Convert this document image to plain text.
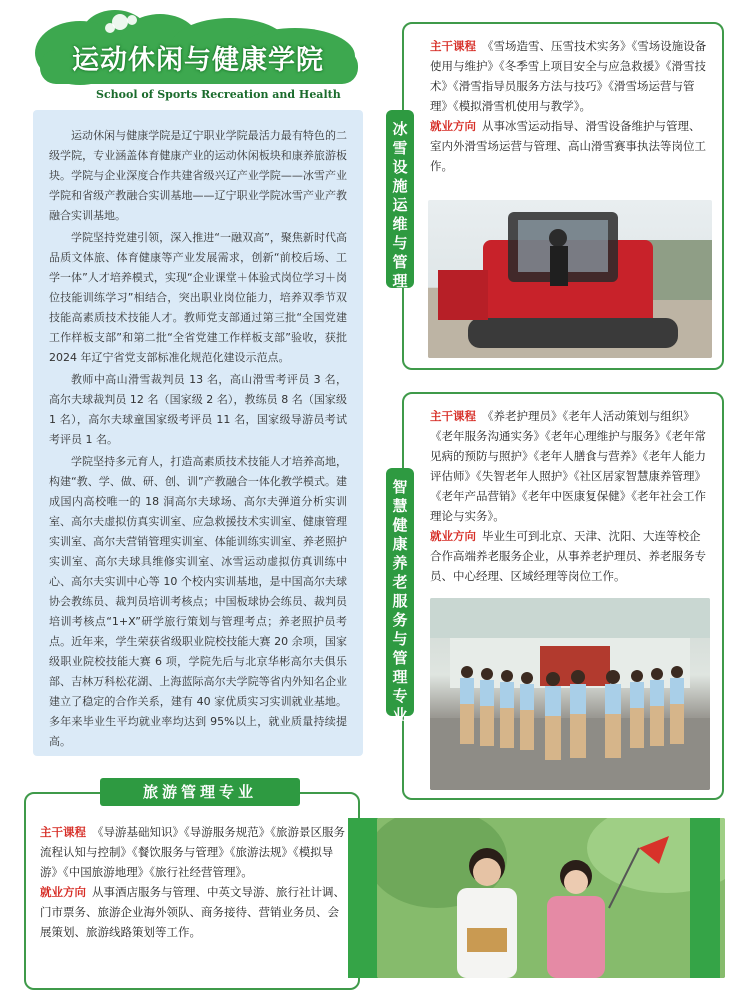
运动休闲与健康学院
School of Sports Recreation and Health

运动休闲与健康学院是辽宁职业学院最活力最有特色的二级学院，专业涵盖体育健康产业的运动休闲板块和康养旅游板块。学院与企业深度合作共建省级兴辽产业学院——冰雪产业学院和省级产教融合实训基地——辽宁职业学院冰雪产业产教融合实训基地。

学院坚持党建引领，深入推进“一融双高”，聚焦新时代高品质文体旅、体育健康等产业发展需求，创新“前校后场、工学一体”人才培养模式，实现“企业课堂＋体验式岗位学习＋岗位技能训练学习”相结合，突出职业岗位能力，培养双季节双技能高素质技术技能人才。教师党支部通过第三批“全国党建工作样板支部”和第二批“全省党建工作样板支部”验收，获批 2024 年辽宁省党支部标准化规范化建设示范点。

教师中高山滑雪裁判员 13 名，高山滑雪考评员 3 名，高尔夫球裁判员 12 名（国家级 2 名），教练员 8 名（国家级 1 名），高尔夫球童国家级考评员 11 名，国家级导游员考试考评员 1 名。

学院坚持多元育人，打造高素质技术技能人才培养高地，构建“教、学、做、研、创、训”产教融合一体化教学模式。建成国内高校唯一的 18 洞高尔夫球场、高尔夫弹道分析实训室、高尔夫虚拟仿真实训室、应急救援技术实训室、健康管理实训室、高尔夫营销管理实训室、体能训练实训室、养老照护实训室、高尔夫球具维修实训室、冰雪运动虚拟仿真训练中心、高尔夫实训中心等 10 个校内实训基地，是中国高尔夫球协会教练员、裁判员培训考核点；中国板球协会练员、裁判员培训考核点“1+X”研学旅行策划与管理考点；养老照护员考点。近年来，学生荣获省级职业院校技能大赛 20 余项，国家级职业院校技能大赛 6 项，学院先后与北京华彬高尔夫俱乐部、吉林万科松花湖、上海蓝际高尔夫学院等省内外知名企业建立了稳定的合作关系，建有 40 家优质实习实训就业基地。多年来毕业生平均就业率均达到 95%以上，就业质量持续提高。

主干课程 《雪场造雪、压雪技术实务》《雪场设施设备使用与维护》《冬季雪上项目安全与应急救援》《滑雪技术》《滑雪指导员服务方法与技巧》《滑雪场运营与管理》《模拟滑雪机使用与教学》。
就业方向 从事冰雪运动指导、滑雪设备维护与管理、室内外滑雪场运营与管理、高山滑雪赛事执法等岗位工作。
冰雪设施运维与管理
主干课程 《养老护理员》《老年人活动策划与组织》《老年服务沟通实务》《老年心理维护与服务》《老年常见病的预防与照护》《老年人膳食与营养》《老年人能力评估师》《失智老年人照护》《社区居家智慧康养管理》《老年产品营销》《老年中医康复保健》《老年社会工作理论与实务》。
就业方向 毕业生可到北京、天津、沈阳、大连等校企合作高端养老服务企业，从事养老护理员、养老服务专员、中心经理、区域经理等岗位工作。
智慧健康养老服务与管理专业
主干课程 《导游基础知识》《导游服务规范》《旅游景区服务流程认知与控制》《餐饮服务与管理》《旅游法规》《模拟导游》《中国旅游地理》《旅行社经营管理》。
就业方向 从事酒店服务与管理、中英文导游、旅行社计调、门市票务、旅游企业海外领队、商务接待、营销业务员、会展策划、旅游线路策划等工作。
旅游管理专业
